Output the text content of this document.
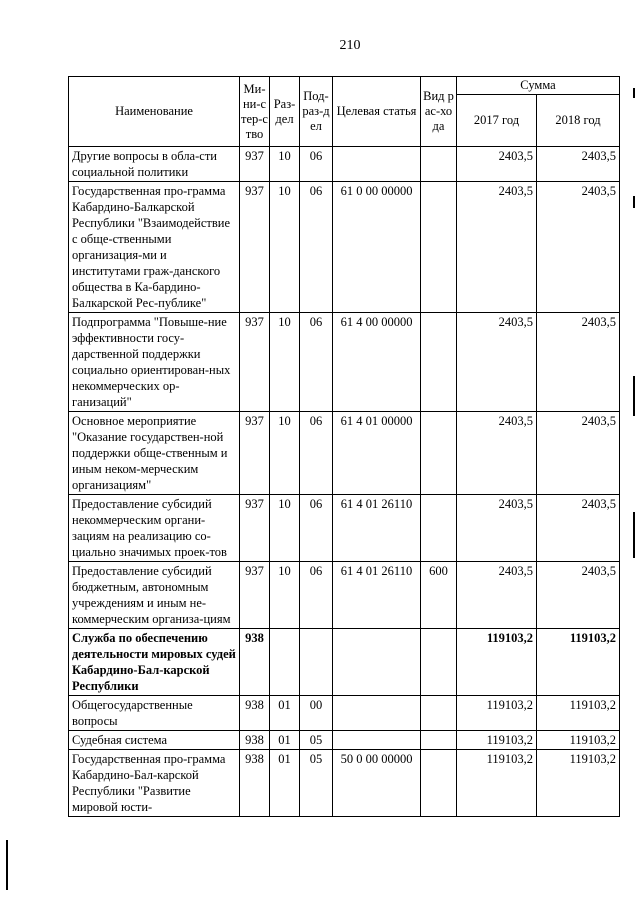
210
Наименование	Ми-ни-стер-ство	Раз-дел	Под-раз-дел	Целевая статья	Вид рас-хода	Сумма	
						2017 год	2018 год
Другие вопросы в обла-сти социальной политики	937	10	06			2403,5	2403,5
Государственная про-грамма Кабардино-Балкарской Республики "Взаимодействие с обще-ственными организация-ми и институтами граж-данского общества в Ка-бардино-Балкарской Рес-публике"	937	10	06	61 0 00 00000		2403,5	2403,5
Подпрограмма "Повыше-ние эффективности госу-дарственной поддержки социально ориентирован-ных некоммерческих ор-ганизаций"	937	10	06	61 4 00 00000		2403,5	2403,5
Основное мероприятие "Оказание государствен-ной поддержки обще-ственным и иным неком-мерческим организациям"	937	10	06	61 4 01 00000		2403,5	2403,5
Предоставление субсидий некоммерческим органи-зациям на реализацию со-циально значимых проек-тов	937	10	06	61 4 01 26110		2403,5	2403,5
Предоставление субсидий бюджетным, автономным учреждениям и иным не-коммерческим организа-циям	937	10	06	61 4 01 26110	600	2403,5	2403,5
Служба по обеспечению деятельности мировых судей Кабардино-Бал-карской Республики	938					119103,2	119103,2
Общегосударственные вопросы	938	01	00			119103,2	119103,2
Судебная система	938	01	05			119103,2	119103,2
Государственная про-грамма Кабардино-Бал-карской Республики "Развитие мировой юсти-	938	01	05	50 0 00 00000		119103,2	119103,2
